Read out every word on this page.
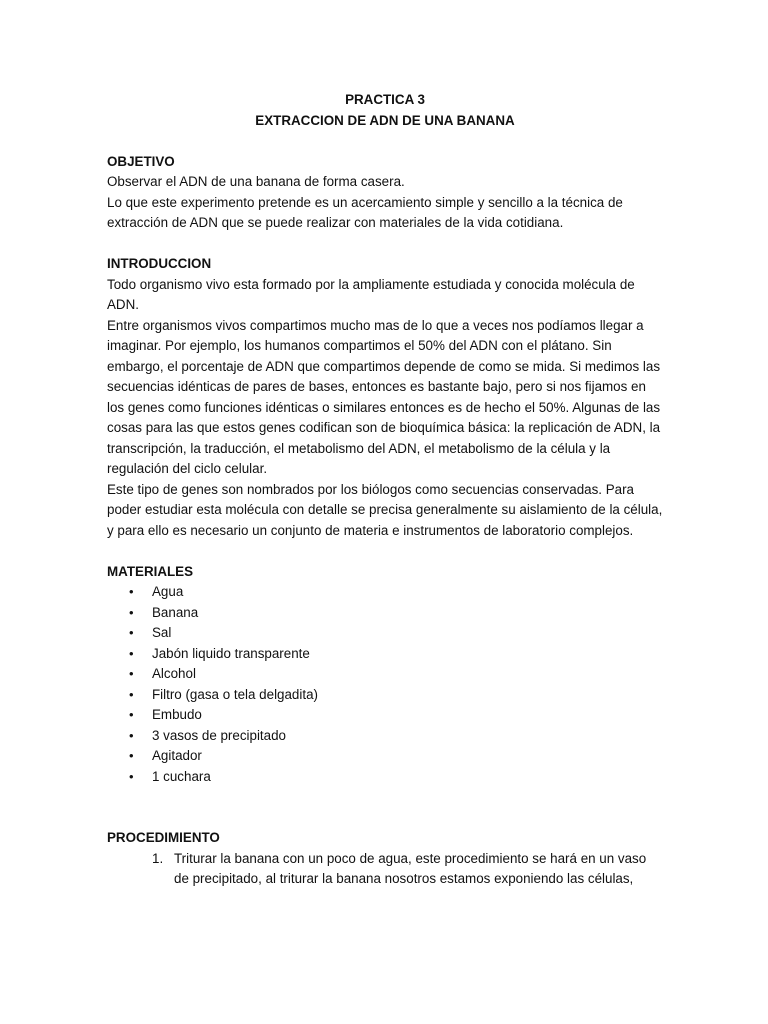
PRACTICA 3

EXTRACCION DE ADN DE UNA BANANA

OBJETIVO

Observar el ADN de una banana de forma casera.

Lo que este experimento pretende es un acercamiento simple y sencillo a la técnica de extracción de ADN que se puede realizar con materiales de la vida cotidiana.

INTRODUCCION

Todo organismo vivo esta formado por la ampliamente estudiada y conocida molécula de ADN.

Entre organismos vivos compartimos mucho mas de lo que a veces nos podíamos llegar a imaginar. Por ejemplo, los humanos compartimos el 50% del ADN con el plátano. Sin embargo, el porcentaje de ADN que compartimos depende de como se mida. Si medimos las secuencias idénticas de pares de bases, entonces es bastante bajo, pero si nos fijamos en los genes como funciones idénticas o similares entonces es de hecho el 50%. Algunas de las cosas para las que estos genes codifican son de bioquímica básica: la replicación de ADN, la transcripción, la traducción, el metabolismo del ADN, el metabolismo de la célula y la regulación del ciclo celular.

Este tipo de genes son nombrados por los biólogos como secuencias conservadas. Para poder estudiar esta molécula con detalle se precisa generalmente su aislamiento de la célula, y para ello es necesario un conjunto de materia e instrumentos de laboratorio complejos.

MATERIALES

• Agua
• Banana
• Sal
• Jabón liquido transparente
• Alcohol
• Filtro (gasa o tela delgadita)
• Embudo
• 3 vasos de precipitado
• Agitador
• 1 cuchara

PROCEDIMIENTO

1. Triturar la banana con un poco de agua, este procedimiento se hará en un vaso de precipitado, al triturar la banana nosotros estamos exponiendo las células,
